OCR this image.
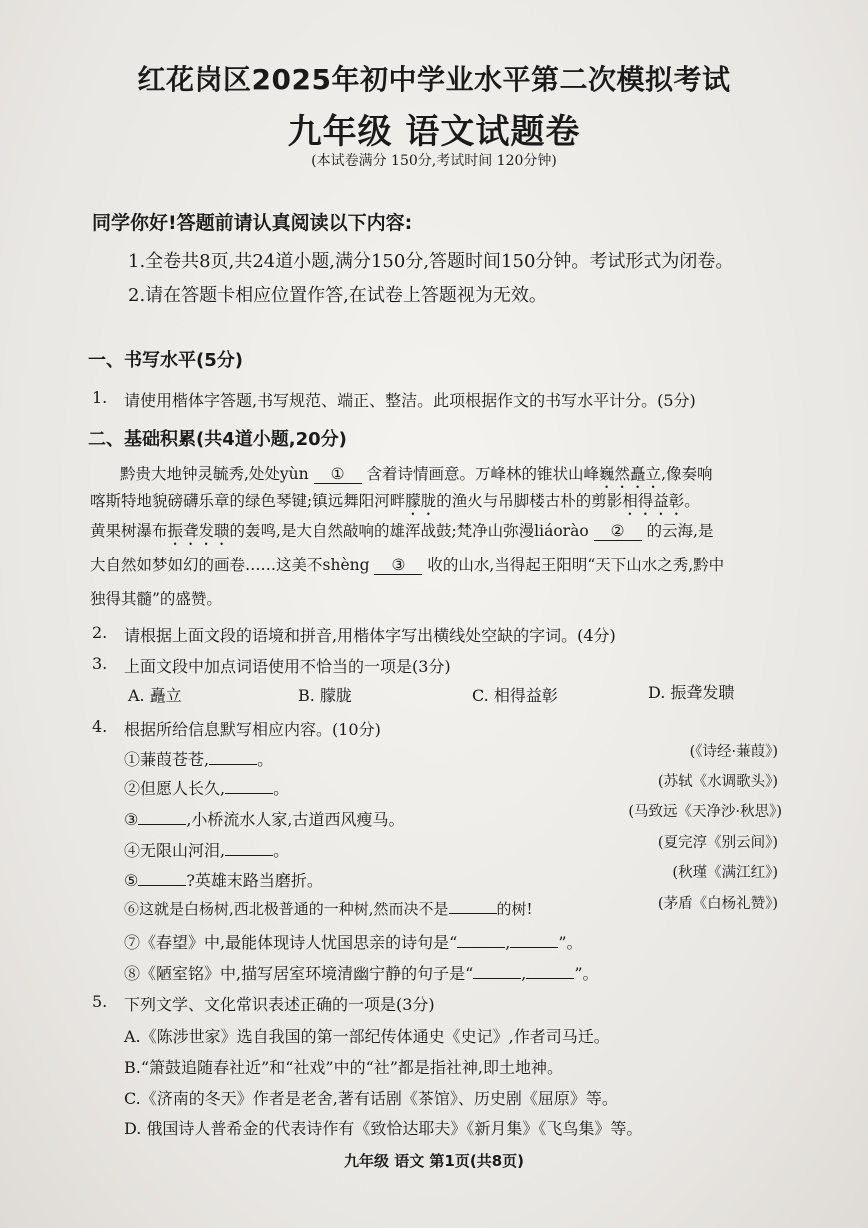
红花岗区2025年初中学业水平第二次模拟考试
九年级 语文试题卷
(本试卷满分 150分,考试时间 120分钟)
同学你好!答题前请认真阅读以下内容:
1.全卷共8页,共24道小题,满分150分,答题时间150分钟。考试形式为闭卷。
2.请在答题卡相应位置作答,在试卷上答题视为无效。
一、书写水平(5分)
1. 请使用楷体字答题,书写规范、端正、整洁。此项根据作文的书写水平计分。(5分)
二、基础积累(共4道小题,20分)
黔贵大地钟灵毓秀,处处yùn ① 含着诗情画意。万峰林的锥状山峰巍然矗立,像奏响
喀斯特地貌磅礴乐章的绿色琴键;镇远舞阳河畔朦胧的渔火与吊脚楼古朴的剪影相得益彰。
黄果树瀑布振聋发聩的轰鸣,是大自然敲响的雄浑战鼓;梵净山弥漫liáorào ② 的云海,是
大自然如梦如幻的画卷……这美不shèng ③ 收的山水,当得起王阳明“天下山水之秀,黔中
独得其髓”的盛赞。
2. 请根据上面文段的语境和拼音,用楷体字写出横线处空缺的字词。(4分)
3. 上面文段中加点词语使用不恰当的一项是(3分)
A. 矗立	B. 朦胧	C. 相得益彰	D. 振聋发聩
4. 根据所给信息默写相应内容。(10分)
①蒹葭苍苍,	。	(《诗经·蒹葭》)
②但愿人长久,	。	(苏轼《水调歌头》)
③	,小桥流水人家,古道西风瘦马。	(马致远《天净沙·秋思》)
④无限山河泪,	。	(夏完淳《别云间》)
⑤	?英雄末路当磨折。	(秋瑾《满江红》)
⑥这就是白杨树,西北极普通的一种树,然而决不是	的树!	(茅盾《白杨礼赞》)
⑦《春望》中,最能体现诗人忧国思亲的诗句是“	,	”。
⑧《陋室铭》中,描写居室环境清幽宁静的句子是“	,	”。
5. 下列文学、文化常识表述正确的一项是(3分)
A.《陈涉世家》选自我国的第一部纪传体通史《史记》,作者司马迁。
B.“箫鼓追随春社近”和“社戏”中的“社”都是指社神,即土地神。
C.《济南的冬天》作者是老舍,著有话剧《茶馆》、历史剧《屈原》等。
D. 俄国诗人普希金的代表诗作有《致恰达耶夫》《新月集》《飞鸟集》等。
九年级 语文 第1页(共8页)
